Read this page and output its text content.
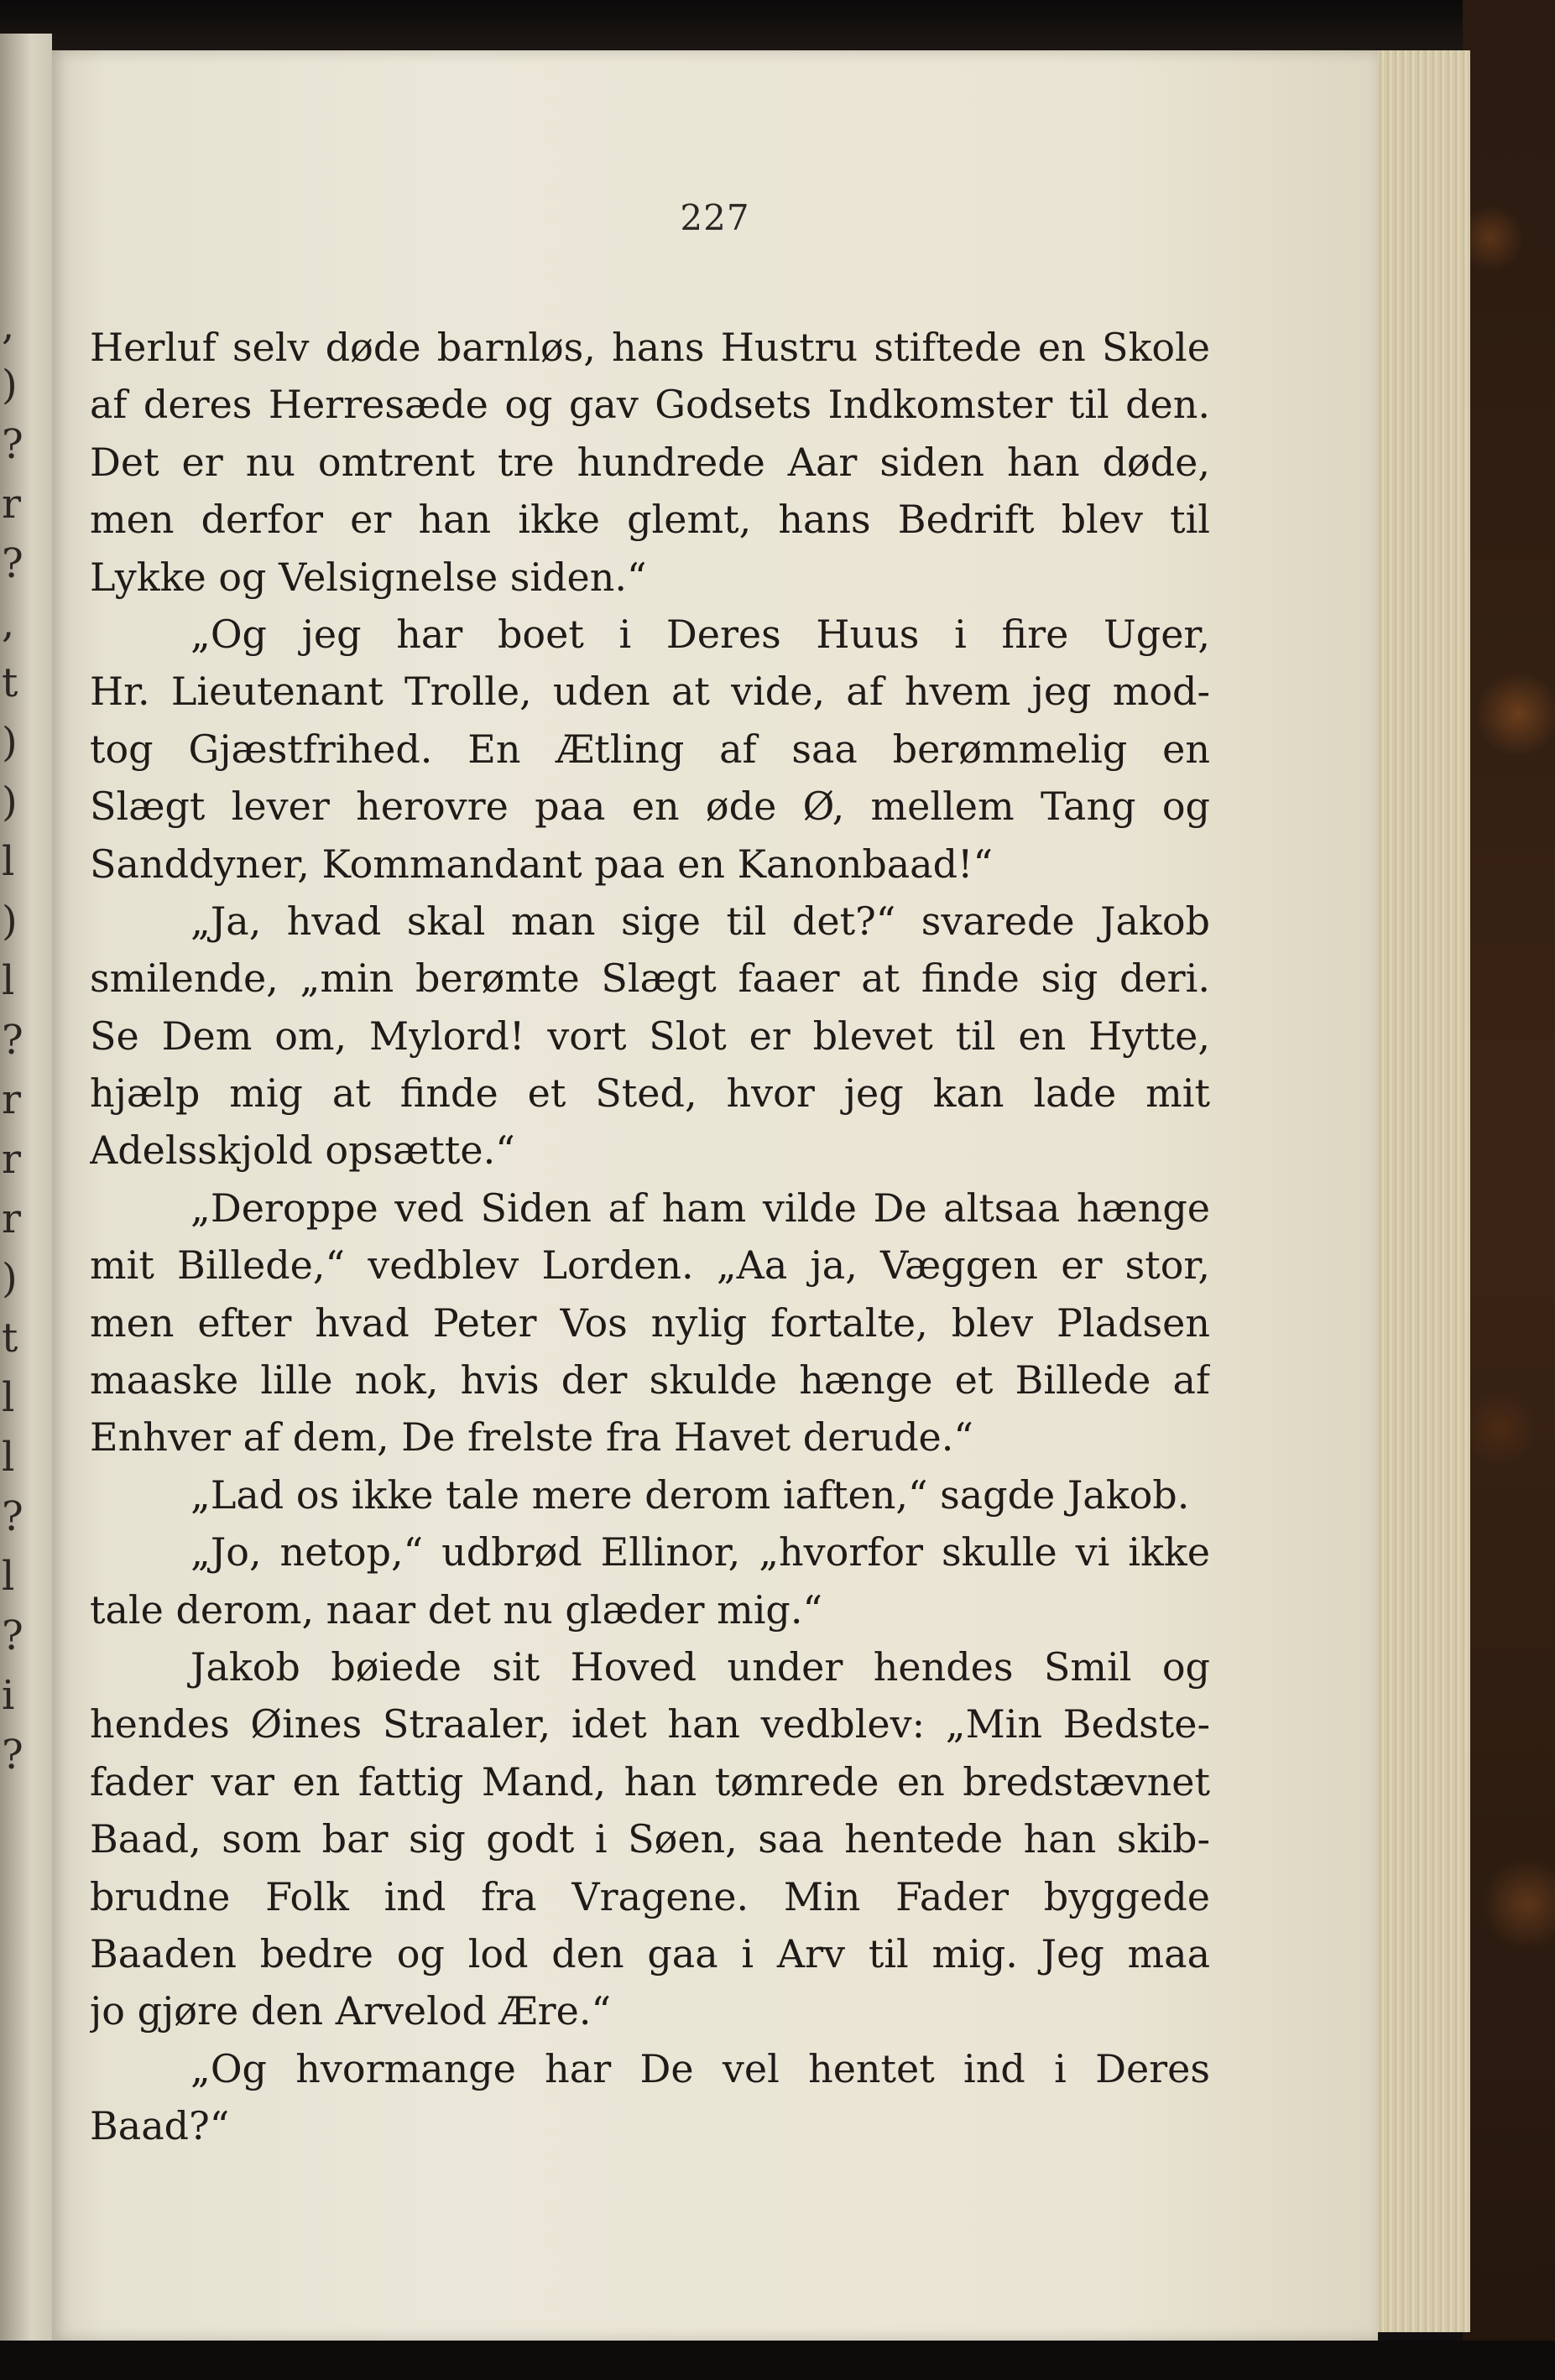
,
)
?
r
?
,
t
)
)
l
)
l
?
r
r
r
)
t
l
l
?
l
?
i
?
227
Herluf selv døde barnløs, hans Hustru stiftede en Skole
af deres Herresæde og gav Godsets Indkomster til den.
Det er nu omtrent tre hundrede Aar siden han døde,
men derfor er han ikke glemt, hans Bedrift blev til
Lykke og Velsignelse siden.“
„Og jeg har boet i Deres Huus i fire Uger,
Hr. Lieutenant Trolle, uden at vide, af hvem jeg mod-
tog Gjæstfrihed. En Ætling af saa berømmelig en
Slægt lever herovre paa en øde Ø, mellem Tang og
Sanddyner, Kommandant paa en Kanonbaad!“
„Ja, hvad skal man sige til det?“ svarede Jakob
smilende, „min berømte Slægt faaer at finde sig deri.
Se Dem om, Mylord! vort Slot er blevet til en Hytte,
hjælp mig at finde et Sted, hvor jeg kan lade mit
Adelsskjold opsætte.“
„Deroppe ved Siden af ham vilde De altsaa hænge
mit Billede,“ vedblev Lorden. „Aa ja, Væggen er stor,
men efter hvad Peter Vos nylig fortalte, blev Pladsen
maaske lille nok, hvis der skulde hænge et Billede af
Enhver af dem, De frelste fra Havet derude.“
„Lad os ikke tale mere derom iaften,“ sagde Jakob.
„Jo, netop,“ udbrød Ellinor, „hvorfor skulle vi ikke
tale derom, naar det nu glæder mig.“
Jakob bøiede sit Hoved under hendes Smil og
hendes Øines Straaler, idet han vedblev: „Min Bedste-
fader var en fattig Mand, han tømrede en bredstævnet
Baad, som bar sig godt i Søen, saa hentede han skib-
brudne Folk ind fra Vragene. Min Fader byggede
Baaden bedre og lod den gaa i Arv til mig. Jeg maa
jo gjøre den Arvelod Ære.“
„Og hvormange har De vel hentet ind i Deres
Baad?“
